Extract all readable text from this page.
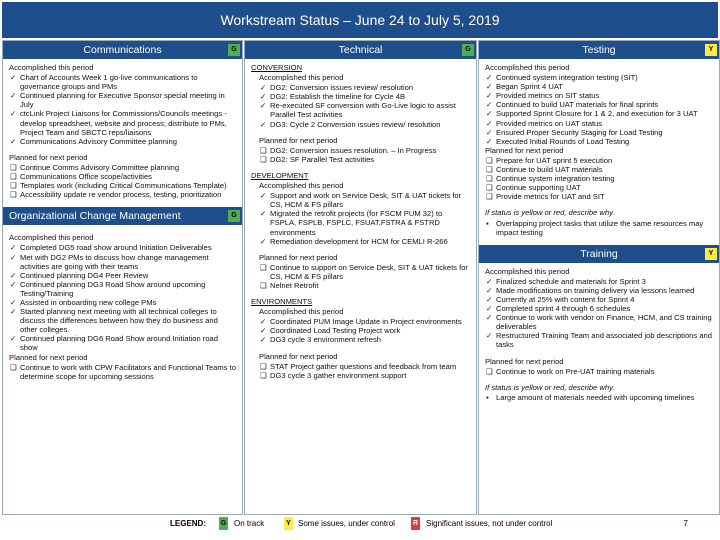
Workstream Status – June 24 to July 5, 2019
Communications	G

Accomplished this period

✓ Chart of Accounts Week 1 go-live communications to governance groups and PMs
✓ Continued planning for Executive Sponsor special meeting in July
✓ ctcLink Project Liaisons for Commissions/Councils meetings - develop spreadsheet, website and process; distribute to PMs, Project Team and SBCTC reps/liaisons
✓ Communications Advisory Committee planning

Planned for next period

❑ Continue Comms Advisory Committee planning
❑ Communications Office scope/activities
❑ Templates work (including Critical Communications Template)
❑ Accessibility update re vendor process, testing, prioritization
Organizational Change Management	G

Accomplished this period

✓ Completed DG5 road show around Initiation Deliverables
✓ Met with DG2 PMs to discuss how change management activities are going with their teams
✓ Continued planning DG4 Peer Review
✓ Continued planning DG3 Road Show around upcoming Testing/Training
✓ Assisted in onboarding new college PMs
✓ Started planning next meeting with all technical colleges to discuss the differences between how they do business and other colleges.
✓ Continued planning DG6 Road Show around Initiation road show

Planned for next period

❑ Continue to work with CPW Facilitators and Functional Teams to determine scope for upcoming sessions
Technical	G

CONVERSION

Accomplished this period

✓ DG2: Conversion issues review/ resolution
✓ DG2: Establish the timeline for Cycle 4B
✓ Re-executed SF conversion with Go-Live logic to assist Parallel Test activities
✓ DG3: Cycle 2 Conversion issues review/ resolution

Planned for next period

❑ DG2: Conversion issues resolution. – In Progress
❑ DG2: SF Parallel Test activities

DEVELOPMENT

Accomplished this period

✓ Support and work on Service Desk, SIT & UAT tickets for CS, HCM & FS pillars
✓ Migrated the retrofit projects (for FSCM PUM 32) to FSPLA, FSPLB, FSPLC, FSUAT,FSTRA & FSTRD environments
✓ Remediation development for HCM for CEMLI R-266

Planned for next period

❑ Continue to support on Service Desk, SIT & UAT tickets for CS, HCM & FS pillars
❑ Nelnet Retrofit

ENVIRONMENTS

Accomplished this period

✓ Coordinated PUM Image Update in Project environments
✓ Coordinated Load Testing Project work
✓ DG3 cycle 3 environment refresh

Planned for next period

❑ STAT Project gather questions and feedback from team
❑ DG3 cycle 3 gather environment support
Testing	Y

Accomplished this period

✓ Continued system integration testing (SIT)
✓ Began Sprint 4 UAT
✓ Provided metrics on SIT status
✓ Continued to build UAT materials for final sprints
✓ Supported Sprint Closure for 1 & 2, and execution for 3 UAT
✓ Provided metrics on UAT status
✓ Ensured Proper Security Staging for Load Testing
✓ Executed Initial Rounds of Load Testing

Planned for next period

❑ Prepare for UAT sprint 5 execution
❑ Continue to build UAT materials
❑ Continue system integration testing
❑ Continue supporting UAT
❑ Provide metrics for UAT and SIT

If status is yellow or red, describe why.

▪ Overlapping project tasks that utilize the same resources may impact testing
Training	Y

Accomplished this period

✓ Finalized schedule and materials for Sprint 3
✓ Made modifications on training delivery via lessons learned
✓ Currently at 25% with content for Sprint 4
✓ Completed sprint 4 through 6 schedules
✓ Continue to work with vendor on Finance, HCM, and CS training deliverables
✓ Restructured Training Team and associated job descriptions and tasks

Planned for next period

❑ Continue to work on Pre-UAT training materials

If status is yellow or red, describe why.

▪ Large amount of materials needed with upcoming timelines
LEGEND: G On track	Y Some issues, under control	R Significant issues, not under control	7
